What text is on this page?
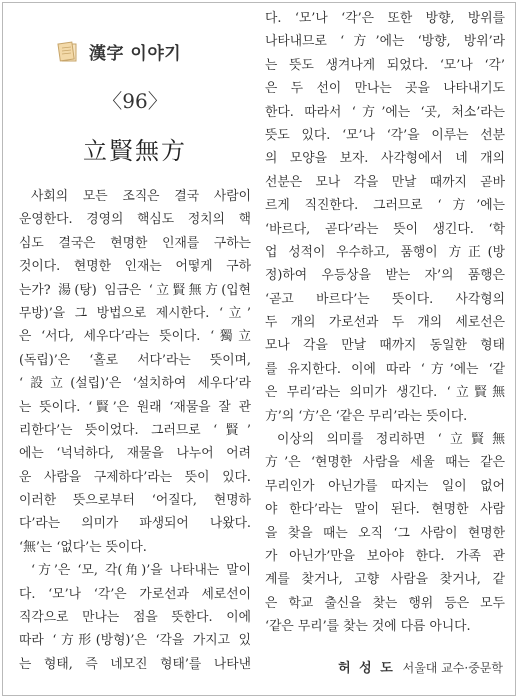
漢字 이야기
〈96〉
立賢無方
사회의 모든 조직은 결국 사람이
운영한다. 경영의 핵심도 정치의 핵
심도 결국은 현명한 인재를 구하는
것이다. 현명한 인재는 어떻게 구하
는가? 湯(탕) 임금은 ‘立賢無方(입현
무방)’을 그 방법으로 제시한다. ‘立’
은 ‘서다, 세우다’라는 뜻이다. ‘獨立
(독립)’은 ‘홀로 서다’라는 뜻이며,
‘設立(설립)’은 ‘설치하여 세우다’라
는 뜻이다. ‘賢’은 원래 ‘재물을 잘 관
리한다’는 뜻이었다. 그러므로 ‘賢’
에는 ‘넉넉하다, 재물을 나누어 어려
운 사람을 구제하다’라는 뜻이 있다.
이러한 뜻으로부터 ‘어질다, 현명하
다’라는 의미가 파생되어 나왔다.
‘無’는 ‘없다’는 뜻이다.
‘方’은 ‘모, 각(角)’을 나타내는 말이
다. ‘모’나 ‘각’은 가로선과 세로선이
직각으로 만나는 점을 뜻한다. 이에
따라 ‘方形(방형)’은 ‘각을 가지고 있
는 형태, 즉 네모진 형태’를 나타낸
다. ‘모’나 ‘각’은 또한 방향, 방위를
나타내므로 ‘方’에는 ‘방향, 방위’라
는 뜻도 생겨나게 되었다. ‘모’나 ‘각’
은 두 선이 만나는 곳을 나타내기도
한다. 따라서 ‘方’에는 ‘곳, 처소’라는
뜻도 있다. ‘모’나 ‘각’을 이루는 선분
의 모양을 보자. 사각형에서 네 개의
선분은 모나 각을 만날 때까지 곧바
르게 직진한다. 그러므로 ‘方’에는
‘바르다, 곧다’라는 뜻이 생긴다. ‘학
업 성적이 우수하고, 품행이 方正(방
정)하여 우등상을 받는 자’의 품행은
‘곧고 바르다’는 뜻이다. 사각형의
두 개의 가로선과 두 개의 세로선은
모나 각을 만날 때까지 동일한 형태
를 유지한다. 이에 따라 ‘方’에는 ‘같
은 무리’라는 의미가 생긴다. ‘立賢無
方’의 ‘方’은 ‘같은 무리’라는 뜻이다.
이상의 의미를 정리하면 ‘立賢無
方’은 ‘현명한 사람을 세울 때는 같은
무리인가 아닌가를 따지는 일이 없어
야 한다’라는 말이 된다. 현명한 사람
을 찾을 때는 오직 ‘그 사람이 현명한
가 아닌가’만을 보아야 한다. 가족 관
계를 찾거나, 고향 사람을 찾거나, 같
은 학교 출신을 찾는 행위 등은 모두
‘같은 무리’를 찾는 것에 다름 아니다.
허 성 도 서울대 교수·중문학
